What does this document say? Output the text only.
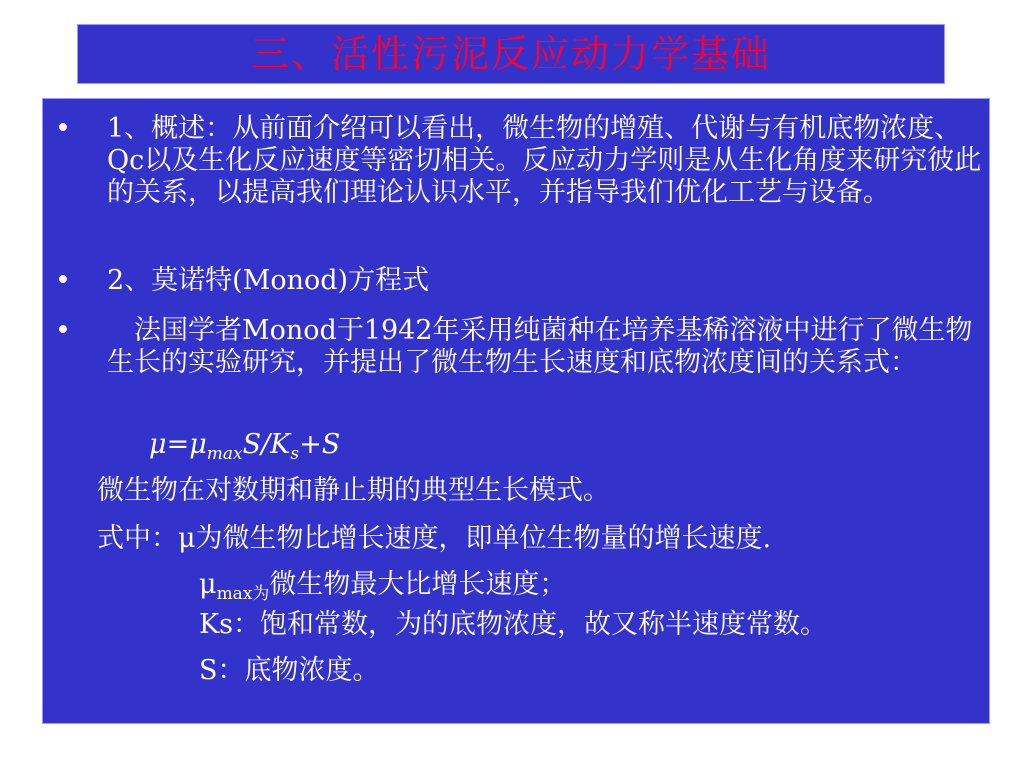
三、活性污泥反应动力学基础
• 1、概述：从前面介绍可以看出，微生物的增殖、代谢与有机底物浓度、Qc以及生化反应速度等密切相关。反应动力学则是从生化角度来研究彼此的关系，以提高我们理论认识水平，并指导我们优化工艺与设备。
• 2、莫诺特(Monod)方程式
• 　法国学者Monod于1942年采用纯菌种在培养基稀溶液中进行了微生物生长的实验研究，并提出了微生物生长速度和底物浓度间的关系式：
$\mu=\mu_{max}S/K_s+S$
微生物在对数期和静止期的典型生长模式。
式中：μ为微生物比增长速度，即单位生物量的增长速度.
$\mu_{max为}$微生物最大比增长速度；
Ks：饱和常数，为的底物浓度，故又称半速度常数。
S：底物浓度。
